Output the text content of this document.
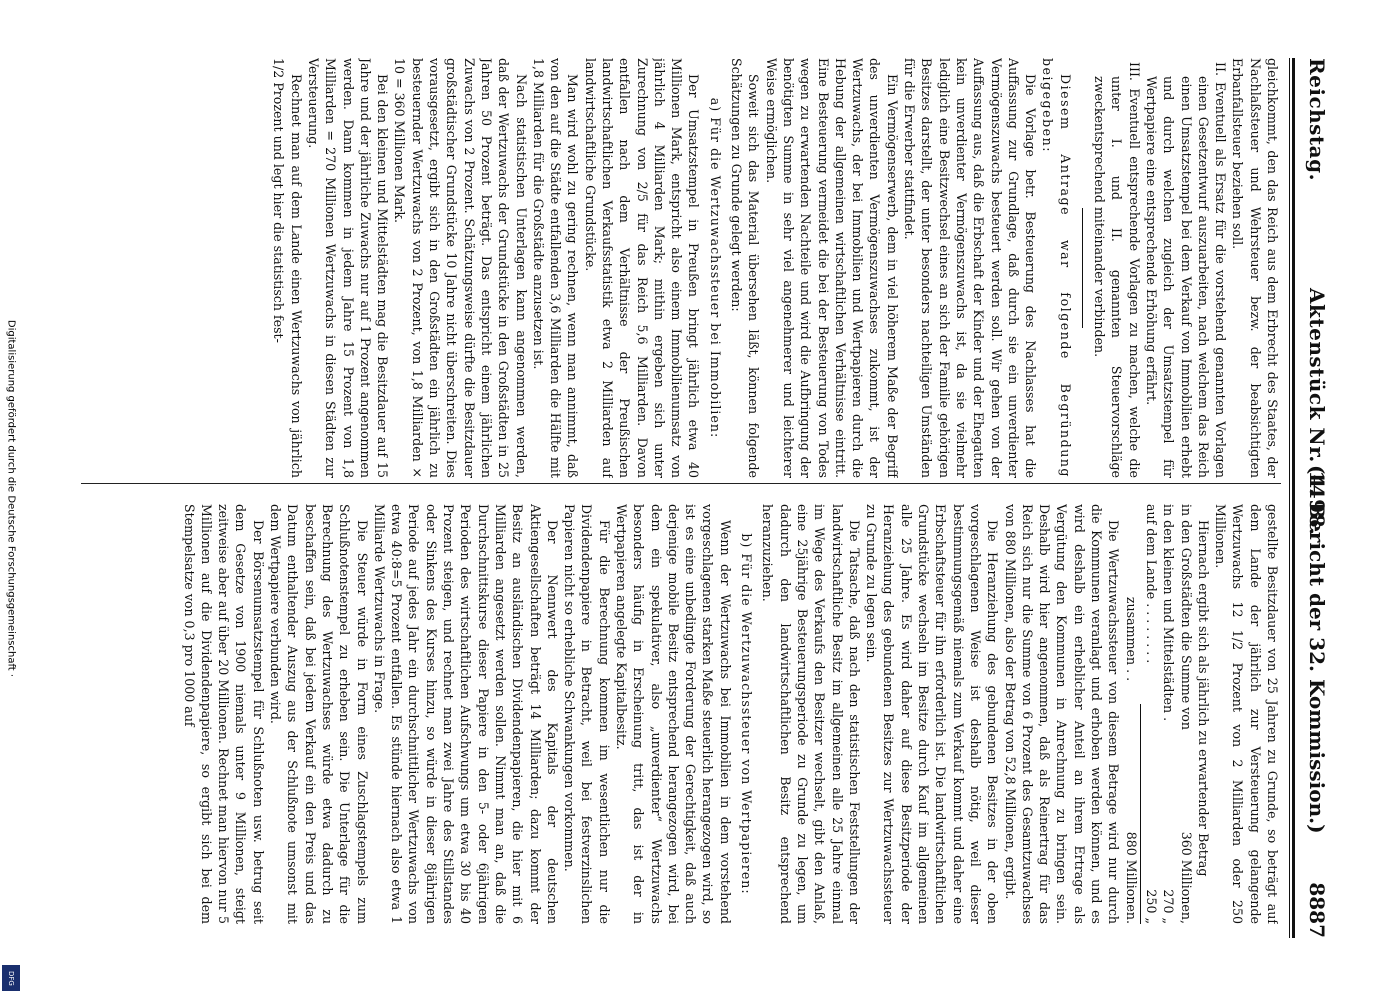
Digitalisierung gefördert durch die Deutsche Forschungsgemeinschaft ·
DFG
Reichstag.
Aktenstück Nr. 1498.
(4. Bericht der 32. Kommission.)       8887

gleichkommt, den das Reich aus dem Erbrecht des Staates, der Nachlaßsteuer und Wehrsteuer bezw. der beabsichtigten Erbanfallsteuer beziehen soll.

II. Eventuell als Ersatz für die vorstehend genannten Vorlagen einen Gesetzentwurf auszuarbeiten, nach welchem das Reich einen Umsatzstempel bei dem Verkauf von Immobilien erhebt und durch welchen zugleich der Umsatzstempel für Wertpapiere eine entsprechende Erhöhung erfährt.

III. Eventuell entsprechende Vorlagen zu machen, welche die unter I. und II. genannten Steuervorschläge zweckentsprechend miteinander verbinden.

Diesem Antrage war folgende Begründung beigegeben:

Die Vorlage betr. Besteuerung des Nachlasses hat die Auffassung zur Grundlage, daß durch sie ein unverdienter Vermögenszuwachs besteuert werden soll. Wir gehen von der Auffassung aus, daß die Erbschaft der Kinder und der Ehegatten kein unverdienter Vermögenszuwachs ist, da sie vielmehr lediglich eine Besitzwechsel eines an sich der Familie gehörigen Besitzes darstellt, der unter besonders nachteiligen Umständen für die Erwerber stattfindet.

Ein Vermögenserwerb, dem in viel höherem Maße der Begriff des unverdienten Vermögenszuwachses zukommt, ist der Wertzuwachs, der bei Immobilien und Wertpapieren durch die Hebung der allgemeinen wirtschaftlichen Verhältnisse eintritt. Eine Besteuerung vermeidet die bei der Besteuerung von Todes wegen zu erwartenden Nachteile und wird die Aufbringung der benötigten Summe in sehr viel angenehmerer und leichterer Weise ermöglichen.

Soweit sich das Material übersehen läßt, können folgende Schätzungen zu Grunde gelegt werden:

a) Für die Wertzuwachssteuer bei Immobilien:

Der Umsatzstempel in Preußen bringt jährlich etwa 40 Millionen Mark, entspricht also einem Immobilienumsatz von jährlich 4 Milliarden Mark; mithin ergeben sich unter Zurechnung von 2/5 für das Reich 5,6 Milliarden. Davon entfallen nach dem Verhältnisse der Preußischen landwirtschaftlichen Verkaufsstatistik etwa 2 Milliarden auf landwirtschaftliche Grundstücke.

Man wird wohl zu gering rechnen, wenn man annimmt, daß von den auf die Städte entfallenden 3,6 Milliarden die Hälfte mit 1,8 Milliarden für die Großstädte anzusetzen ist.

Nach statistischen Unterlagen kann angenommen werden, daß der Wertzuwachs der Grundstücke in den Großstädten in 25 Jahren 50 Prozent beträgt. Das entspricht einem jährlichen Zuwachs von 2 Prozent. Schätzungsweise dürfte die Besitzdauer großstädtischer Grundstücke 10 Jahre nicht überschreiten. Dies vorausgesetzt, ergibt sich in den Großstädten ein jährlich zu besteuernder Wertzuwachs von 2 Prozent, von 1,8 Milliarden × 10 = 360 Millionen Mark.

Bei den kleinen und Mittelstädten mag die Besitzdauer auf 15 Jahre und der jährliche Zuwachs nur auf 1 Prozent angenommen werden. Dann kommen in jedem Jahre 15 Prozent von 1,8 Milliarden = 270 Millionen Wertzuwachs in diesen Städten zur Versteuerung.

Rechnet man auf dem Lande einen Wertzuwachs von jährlich 1/2 Prozent und legt hier die statistisch fest-

gestellte Besitzdauer von 25 Jahren zu Grunde, so beträgt auf dem Lande der jährlich zur Versteuerung gelangende Wertzuwachs 12 1/2 Prozent von 2 Milliarden oder 250 Millionen.

Hiernach ergibt sich als jährlich zu erwartender Betrag

in den Großstädten die Summe von
360 Millionen,
in den kleinen und Mittelstädten .
270 „
auf dem Lande . . . . . . . .
250 „
zusammen . .
880 Millionen.

Die Wertzuwachssteuer von diesem Betrage wird nur durch die Kommunen veranlagt und erhoben werden können, und es wird deshalb ein erheblicher Anteil an ihrem Ertrage als Vergütung den Kommunen in Anrechnung zu bringen sein. Deshalb wird hier angenommen, daß als Reinertrag für das Reich sich nur die Summe von 6 Prozent des Gesamtzuwachses von 880 Millionen, also der Betrag von 52,8 Millionen, ergibt.

Die Heranziehung des gebundenen Besitzes in der oben vorgeschlagenen Weise ist deshalb nötig, weil dieser bestimmungsgemäß niemals zum Verkauf kommt und daher eine Erbschaftsteuer für ihn erforderlich ist. Die landwirtschaftlichen Grundstücke wechseln im Besitze durch Kauf im allgemeinen alle 25 Jahre. Es wird daher auf diese Besitzperiode der Heranziehung des gebundenen Besitzes zur Wertzuwachssteuer zu Grunde zu legen sein.

Die Tatsache, daß nach den statistischen Feststellungen der landwirtschaftliche Besitz im allgemeinen alle 25 Jahre einmal im Wege des Verkaufs den Besitzer wechselt, gibt den Anlaß, eine 25jährige Besteuerungsperiode zu Grunde zu legen, um dadurch den landwirtschaftlichen Besitz entsprechend heranzuziehen.

b) Für die Wertzuwachssteuer von Wertpapieren:

Wenn der Wertzuwachs bei Immobilien in dem vorstehend vorgeschlagenen starken Maße steuerlich herangezogen wird, so ist es eine unbedingte Forderung der Gerechtigkeit, daß auch derjenige mobile Besitz entsprechend herangezogen wird, bei dem ein spekulativer, also „unverdienter“ Wertzuwachs besonders häufig in Erscheinung tritt, das ist der in Wertpapieren angelegte Kapitalbesitz.

Für die Berechnung kommen im wesentlichen nur die Dividendenpapiere in Betracht, weil bei festverzinslichen Papieren nicht so erhebliche Schwankungen vorkommen.

Der Nennwert des Kapitals der deutschen Aktiengesellschaften beträgt 14 Milliarden; dazu kommt der Besitz an ausländischen Dividendenpapieren, die hier mit 6 Milliarden angesetzt werden sollen. Nimmt man an, daß die Durchschnittskurse dieser Papiere in den 5- oder 6jährigen Perioden des wirtschaftlichen Aufschwungs um etwa 30 bis 40 Prozent steigen, und rechnet man zwei Jahre des Stillstandes oder Sinkens des Kurses hinzu, so würde in dieser 8jährigen Periode auf jedes Jahr ein durchschnittlicher Wertzuwachs von etwa 40:8=5 Prozent entfallen. Es stünde hiernach also etwa 1 Milliarde Wertzuwachs in Frage.

Die Steuer würde in Form eines Zuschlagstempels zum Schlußnotenstempel zu erheben sein. Die Unterlage für die Berechnung des Wertzuwachses würde etwa dadurch zu beschaffen sein, daß bei jedem Verkauf ein den Preis und das Datum enthaltender Auszug aus der Schlußnote umsonst mit dem Wertpapiere verbunden wird.

Der Börsenumsatzstempel für Schlußnoten usw. betrug seit dem Gesetze von 1900 niemals unter 9 Millionen, steigt zeitweise aber auf über 20 Millionen. Rechnet man hiervon nur 5 Millionen auf die Dividendenpapiere, so ergibt sich bei dem Stempelsatze von 0,3 pro 1000 auf
